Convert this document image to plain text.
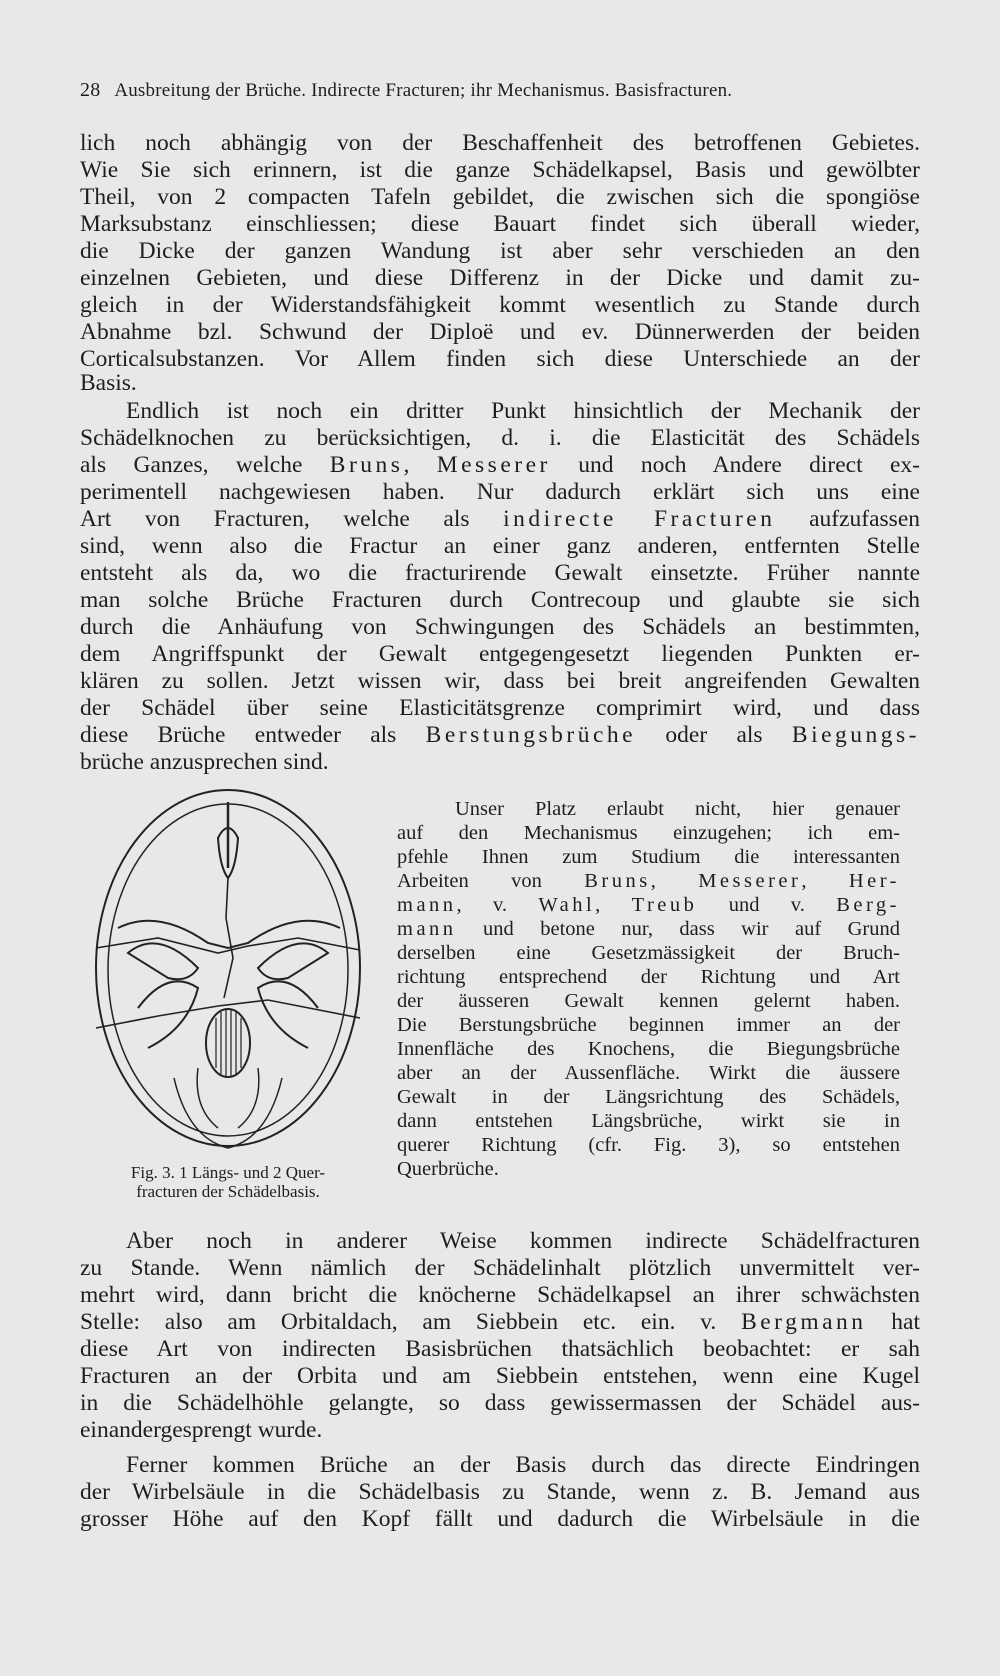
28 Ausbreitung der Brüche. Indirecte Fracturen; ihr Mechanismus. Basisfracturen.
lich noch abhängig von der Beschaffenheit des betroffenen Gebietes.
Wie Sie sich erinnern, ist die ganze Schädelkapsel, Basis und gewölbter
Theil, von 2 compacten Tafeln gebildet, die zwischen sich die spongiöse
Marksubstanz einschliessen; diese Bauart findet sich überall wieder,
die Dicke der ganzen Wandung ist aber sehr verschieden an den
einzelnen Gebieten, und diese Differenz in der Dicke und damit zu-
gleich in der Widerstandsfähigkeit kommt wesentlich zu Stande durch
Abnahme bzl. Schwund der Diploë und ev. Dünnerwerden der beiden
Corticalsubstanzen. Vor Allem finden sich diese Unterschiede an der
Basis.
Endlich ist noch ein dritter Punkt hinsichtlich der Mechanik der
Schädelknochen zu berücksichtigen, d. i. die Elasticität des Schädels
als Ganzes, welche Bruns, Messerer und noch Andere direct ex-
perimentell nachgewiesen haben. Nur dadurch erklärt sich uns eine
Art von Fracturen, welche als indirecte Fracturen aufzufassen
sind, wenn also die Fractur an einer ganz anderen, entfernten Stelle
entsteht als da, wo die fracturirende Gewalt einsetzte. Früher nannte
man solche Brüche Fracturen durch Contrecoup und glaubte sie sich
durch die Anhäufung von Schwingungen des Schädels an bestimmten,
dem Angriffspunkt der Gewalt entgegengesetzt liegenden Punkten er-
klären zu sollen. Jetzt wissen wir, dass bei breit angreifenden Gewalten
der Schädel über seine Elasticitätsgrenze comprimirt wird, und dass
diese Brüche entweder als Berstungsbrüche oder als Biegungs-
brüche anzusprechen sind.
Fig. 3. 1 Längs- und 2 Quer-
fracturen der Schädelbasis.
Unser Platz erlaubt nicht, hier genauer
auf den Mechanismus einzugehen; ich em-
pfehle Ihnen zum Studium die interessanten
Arbeiten von Bruns, Messerer, Her-
mann, v. Wahl, Treub und v. Berg-
mann und betone nur, dass wir auf Grund
derselben eine Gesetzmässigkeit der Bruch-
richtung entsprechend der Richtung und Art
der äusseren Gewalt kennen gelernt haben.
Die Berstungsbrüche beginnen immer an der
Innenfläche des Knochens, die Biegungsbrüche
aber an der Aussenfläche. Wirkt die äussere
Gewalt in der Längsrichtung des Schädels,
dann entstehen Längsbrüche, wirkt sie in
querer Richtung (cfr. Fig. 3), so entstehen
Querbrüche.
Aber noch in anderer Weise kommen indirecte Schädelfracturen
zu Stande. Wenn nämlich der Schädelinhalt plötzlich unvermittelt ver-
mehrt wird, dann bricht die knöcherne Schädelkapsel an ihrer schwächsten
Stelle: also am Orbitaldach, am Siebbein etc. ein. v. Bergmann hat
diese Art von indirecten Basisbrüchen thatsächlich beobachtet: er sah
Fracturen an der Orbita und am Siebbein entstehen, wenn eine Kugel
in die Schädelhöhle gelangte, so dass gewissermassen der Schädel aus-
einandergesprengt wurde.
Ferner kommen Brüche an der Basis durch das directe Eindringen
der Wirbelsäule in die Schädelbasis zu Stande, wenn z. B. Jemand aus
grosser Höhe auf den Kopf fällt und dadurch die Wirbelsäule in die
